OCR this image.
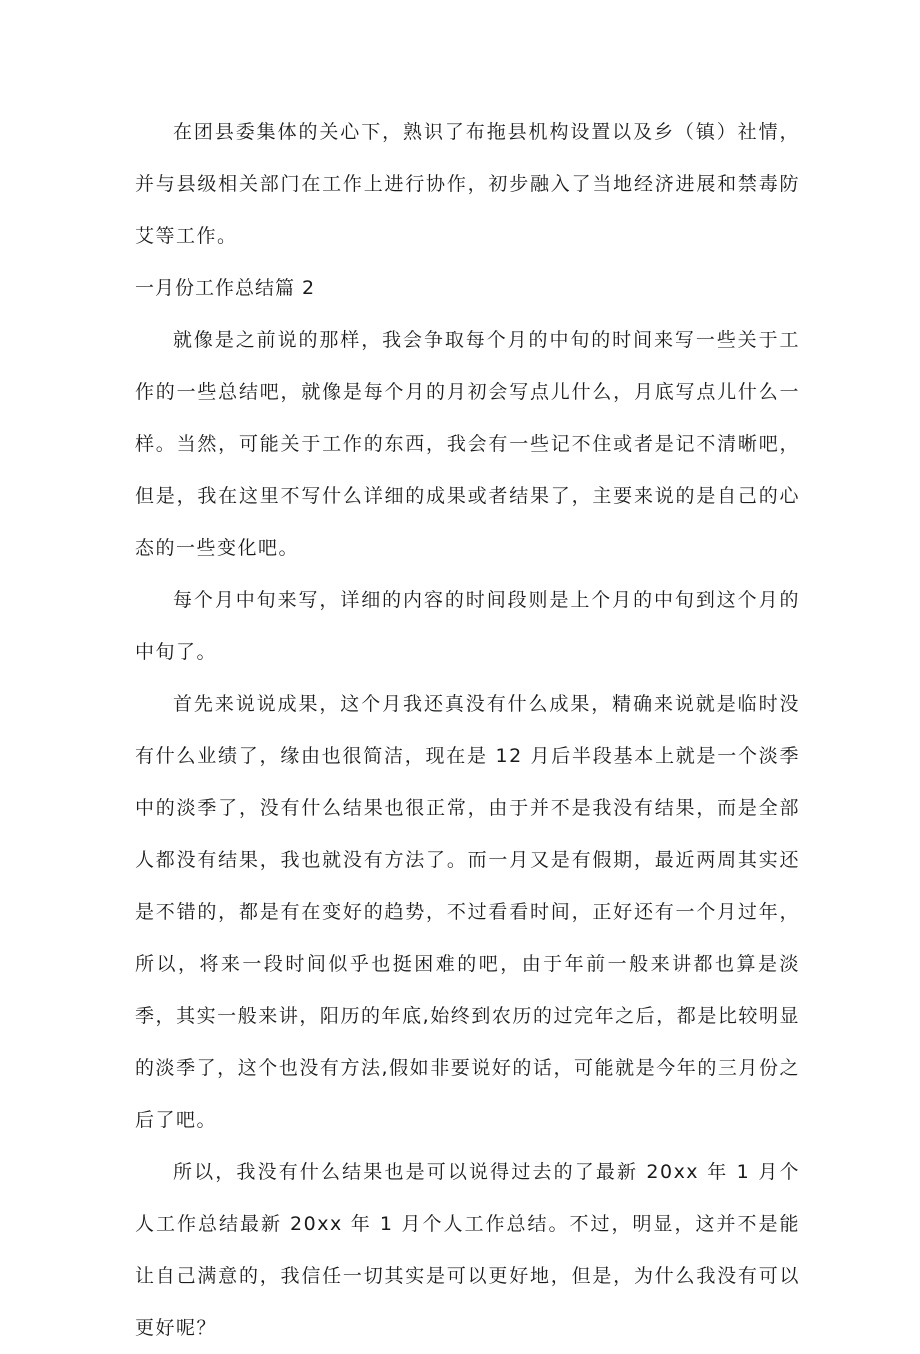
在团县委集体的关心下，熟识了布拖县机构设置以及乡（镇）社情，并与县级相关部门在工作上进行协作，初步融入了当地经济进展和禁毒防艾等工作。

一月份工作总结篇 2

就像是之前说的那样，我会争取每个月的中旬的时间来写一些关于工作的一些总结吧，就像是每个月的月初会写点儿什么，月底写点儿什么一样。当然，可能关于工作的东西，我会有一些记不住或者是记不清晰吧，但是，我在这里不写什么详细的成果或者结果了，主要来说的是自己的心态的一些变化吧。

每个月中旬来写，详细的内容的时间段则是上个月的中旬到这个月的中旬了。

首先来说说成果，这个月我还真没有什么成果，精确来说就是临时没有什么业绩了，缘由也很简洁，现在是 12 月后半段基本上就是一个淡季中的淡季了，没有什么结果也很正常，由于并不是我没有结果，而是全部人都没有结果，我也就没有方法了。而一月又是有假期，最近两周其实还是不错的，都是有在变好的趋势，不过看看时间，正好还有一个月过年，所以，将来一段时间似乎也挺困难的吧，由于年前一般来讲都也算是淡季，其实一般来讲，阳历的年底,始终到农历的过完年之后，都是比较明显的淡季了，这个也没有方法,假如非要说好的话，可能就是今年的三月份之后了吧。

所以，我没有什么结果也是可以说得过去的了最新 20xx 年 1 月个人工作总结最新 20xx 年 1 月个人工作总结。不过，明显，这并不是能让自己满意的，我信任一切其实是可以更好地，但是，为什么我没有可以更好呢？
